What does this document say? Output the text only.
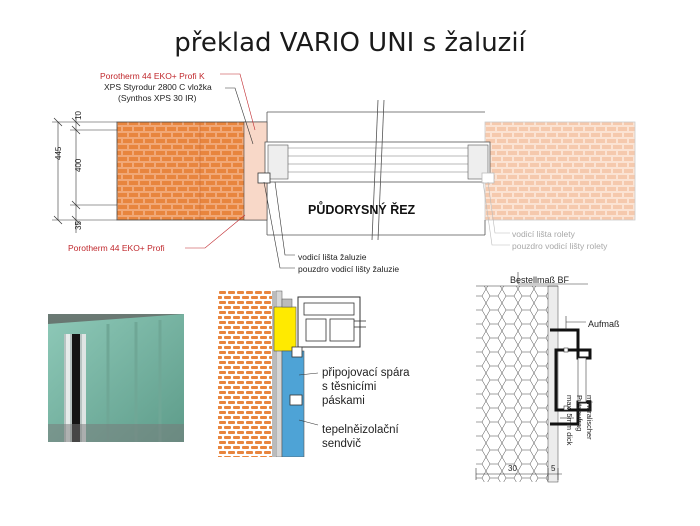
překlad VARIO UNI s žaluzií
Porotherm 44 EKO+ Profi K
XPS Styrodur 2800 C vložka
(Synthos XPS 30 IR)
Porotherm 44 EKO+ Profi
PŮDORYSNÝ ŘEZ
vodicí lišta žaluzie
pouzdro vodicí lišty žaluzie
vodicí lišta rolety
pouzdro vodicí lišty rolety
445
10
400
35
připojovací spára
s těsnicími
páskami
tepelněizolační
sendvič
Bestellmaß BF
Aufmaß
mineralischer
Putzaufrag
max. 5mm dick
30	5
